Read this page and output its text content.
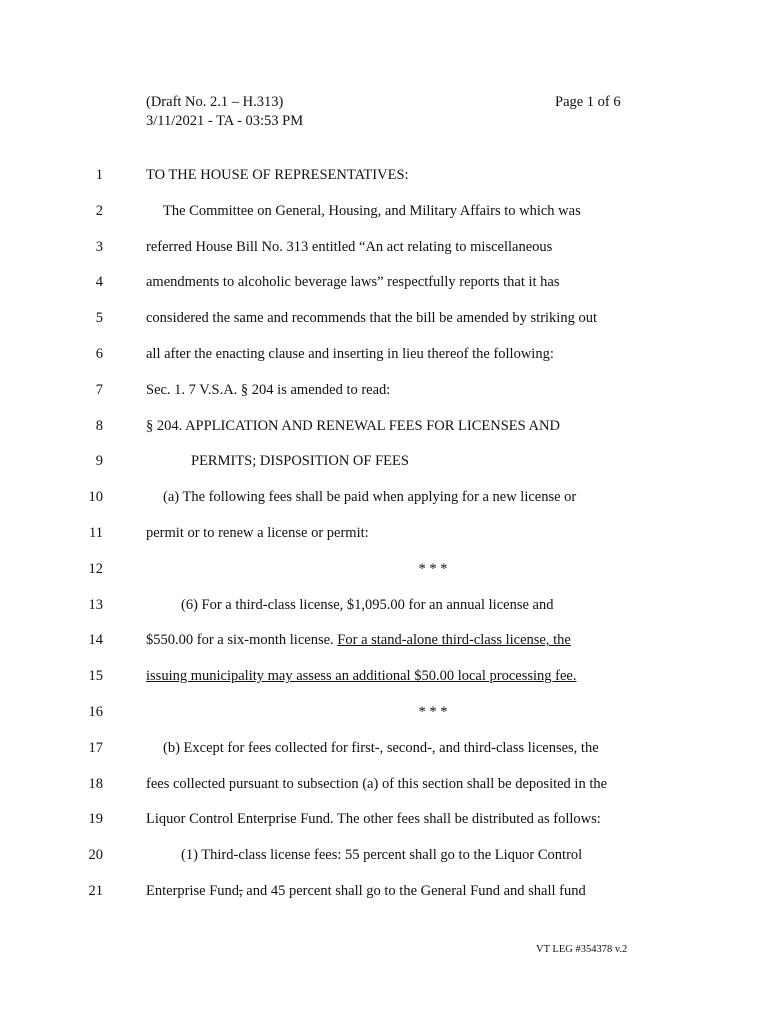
(Draft No. 2.1 – H.313)
3/11/2021 - TA - 03:53 PM
Page 1 of 6
1	TO THE HOUSE OF REPRESENTATIVES:
2	The Committee on General, Housing, and Military Affairs to which was
3	referred House Bill No. 313 entitled “An act relating to miscellaneous
4	amendments to alcoholic beverage laws” respectfully reports that it has
5	considered the same and recommends that the bill be amended by striking out
6	all after the enacting clause and inserting in lieu thereof the following:
7	Sec. 1. 7 V.S.A. § 204 is amended to read:
8	§ 204. APPLICATION AND RENEWAL FEES FOR LICENSES AND
9	PERMITS; DISPOSITION OF FEES
10	(a) The following fees shall be paid when applying for a new license or
11	permit or to renew a license or permit:
12	* * *
13	(6) For a third-class license, $1,095.00 for an annual license and
14	$550.00 for a six-month license. For a stand-alone third-class license, the
15	issuing municipality may assess an additional $50.00 local processing fee.
16	* * *
17	(b) Except for fees collected for first-, second-, and third-class licenses, the
18	fees collected pursuant to subsection (a) of this section shall be deposited in the
19	Liquor Control Enterprise Fund. The other fees shall be distributed as follows:
20	(1) Third-class license fees: 55 percent shall go to the Liquor Control
21	Enterprise Fund, and 45 percent shall go to the General Fund and shall fund
VT LEG #354378 v.2
